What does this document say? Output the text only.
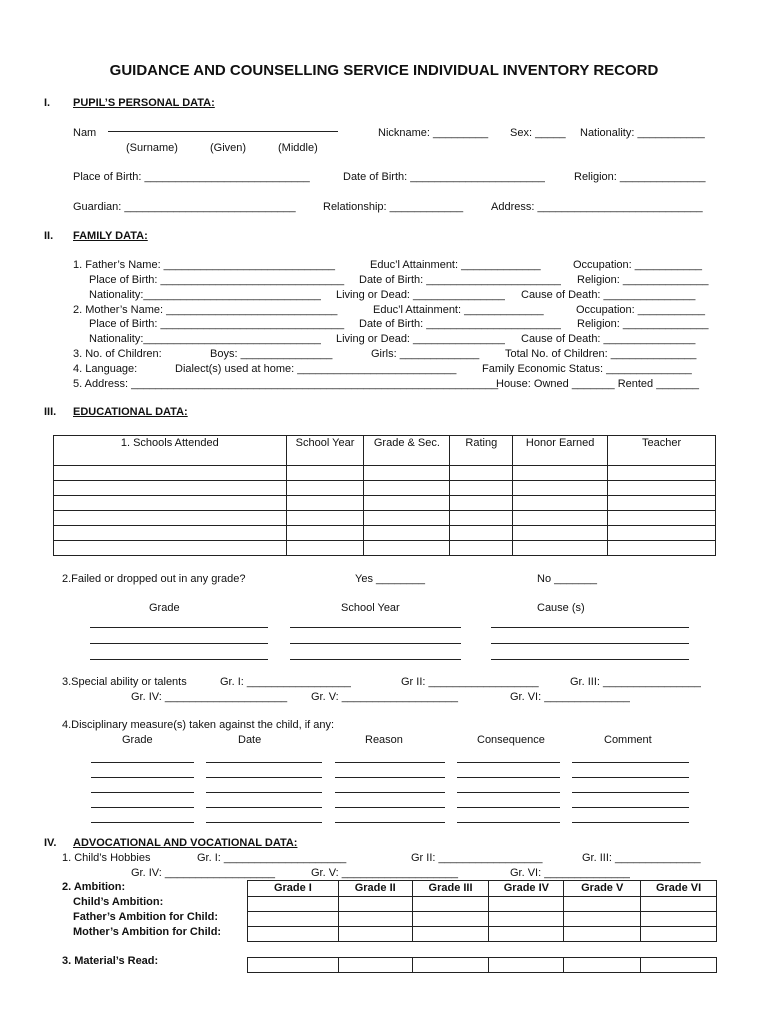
GUIDANCE AND COUNSELLING SERVICE INDIVIDUAL INVENTORY RECORD
I. PUPIL’S PERSONAL DATA:
Nam	Nickname: _________ Sex: _____ Nationality: ___________
(Surname)	(Given)	(Middle)
Place of Birth: ___________________________	Date of Birth: ______________________	Religion: ______________
Guardian: ____________________________ Relationship: ____________	Address: ___________________________
II. FAMILY DATA:
1. Father’s Name: ____________________________	Educ’l Attainment: _____________	Occupation: ___________
Place of Birth: ______________________________ Date of Birth: ______________________ Religion: ______________
Nationality:_____________________________ Living or Dead: _______________ Cause of Death: _______________
2. Mother’s Name: ____________________________	Educ’l Attainment: _____________	Occupation: ___________
Place of Birth: ______________________________ Date of Birth: ______________________ Religion: ______________
Nationality:_____________________________ Living or Dead: _______________ Cause of Death: _______________
3. No. of Children:	Boys: _______________	Girls: _____________ Total No. of Children: ______________
4. Language:	Dialect(s) used at home: __________________________ Family Economic Status: ______________
5. Address: ____________________________________________________________
House: Owned _______ Rented _______
III. EDUCATIONAL DATA:
1. Schools Attended	School Year	Grade & Sec.	Rating	Honor Earned	Teacher

2.Failed or dropped out in any grade?	Yes ________	No _______
Grade	School Year	Cause (s)
3.Special ability or talents	Gr. I: _________________	Gr II: __________________	Gr. III: ________________
Gr. IV: ____________________ Gr. V: ___________________	Gr. VI: ______________
4.Disciplinary measure(s) taken against the child, if any:
Grade	Date	Reason	Consequence	Comment
IV. ADVOCATIONAL AND VOCATIONAL DATA:
1. Child’s Hobbies	Gr. I: ____________________	Gr II: _________________	Gr. III: ______________
Gr. IV: __________________	Gr. V: ___________________	Gr. VI: ______________
2. Ambition:
Child’s Ambition:
Father’s Ambition for Child:
Mother’s Ambition for Child:
Grade I	Grade II	Grade III	Grade IV	Grade V	Grade VI

3. Material’s Read:
